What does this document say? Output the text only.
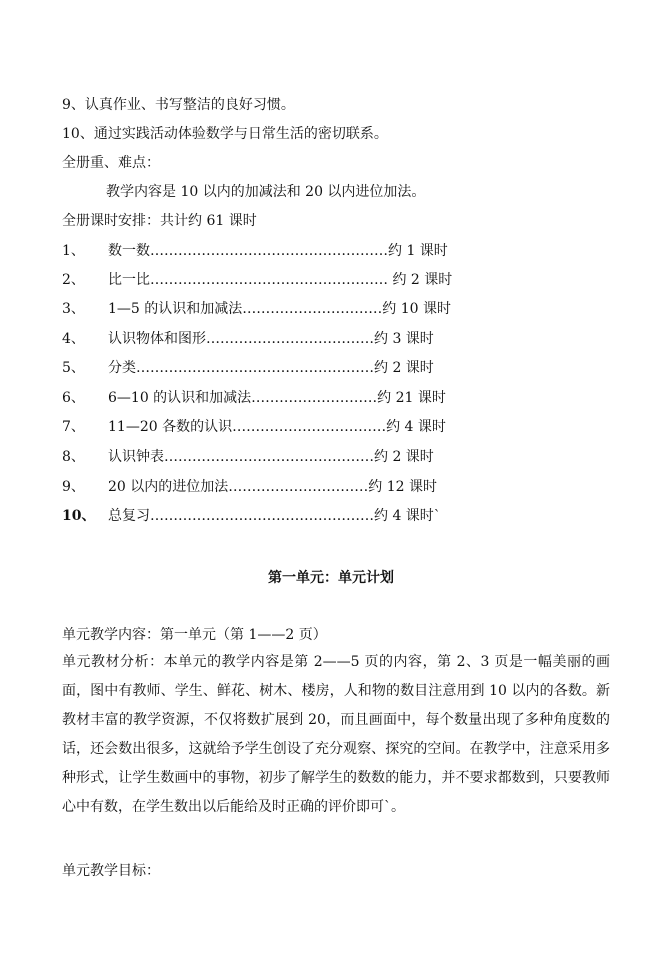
9、认真作业、书写整洁的良好习惯。
10、通过实践活动体验数学与日常生活的密切联系。
全册重、难点：
教学内容是 10 以内的加减法和 20 以内进位加法。
全册课时安排：共计约 61 课时
1、 数一数……………………………………………约 1 课时
2、 比一比…………………………………………… 约 2 课时
3、 1—5 的认识和加减法…………………………约 10 课时
4、 认识物体和图形………………………………约 3 课时
5、 分类……………………………………………约 2 课时
6、 6—10 的认识和加减法………………………约 21 课时
7、 11—20 各数的认识……………………………约 4 课时
8、 认识钟表………………………………………约 2 课时
9、 20 以内的进位加法…………………………约 12 课时
10、 总复习…………………………………………约 4 课时`
第一单元：单元计划
单元教学内容：第一单元（第 1——2 页）
单元教材分析：本单元的教学内容是第 2——5 页的内容，第 2、3 页是一幅美丽的画面，图中有教师、学生、鲜花、树木、楼房，人和物的数目注意用到 10 以内的各数。新教材丰富的教学资源，不仅将数扩展到 20，而且画面中，每个数量出现了多种角度数的话，还会数出很多，这就给予学生创设了充分观察、探究的空间。在教学中，注意采用多种形式，让学生数画中的事物，初步了解学生的数数的能力，并不要求都数到，只要教师心中有数，在学生数出以后能给及时正确的评价即可`。
单元教学目标：
